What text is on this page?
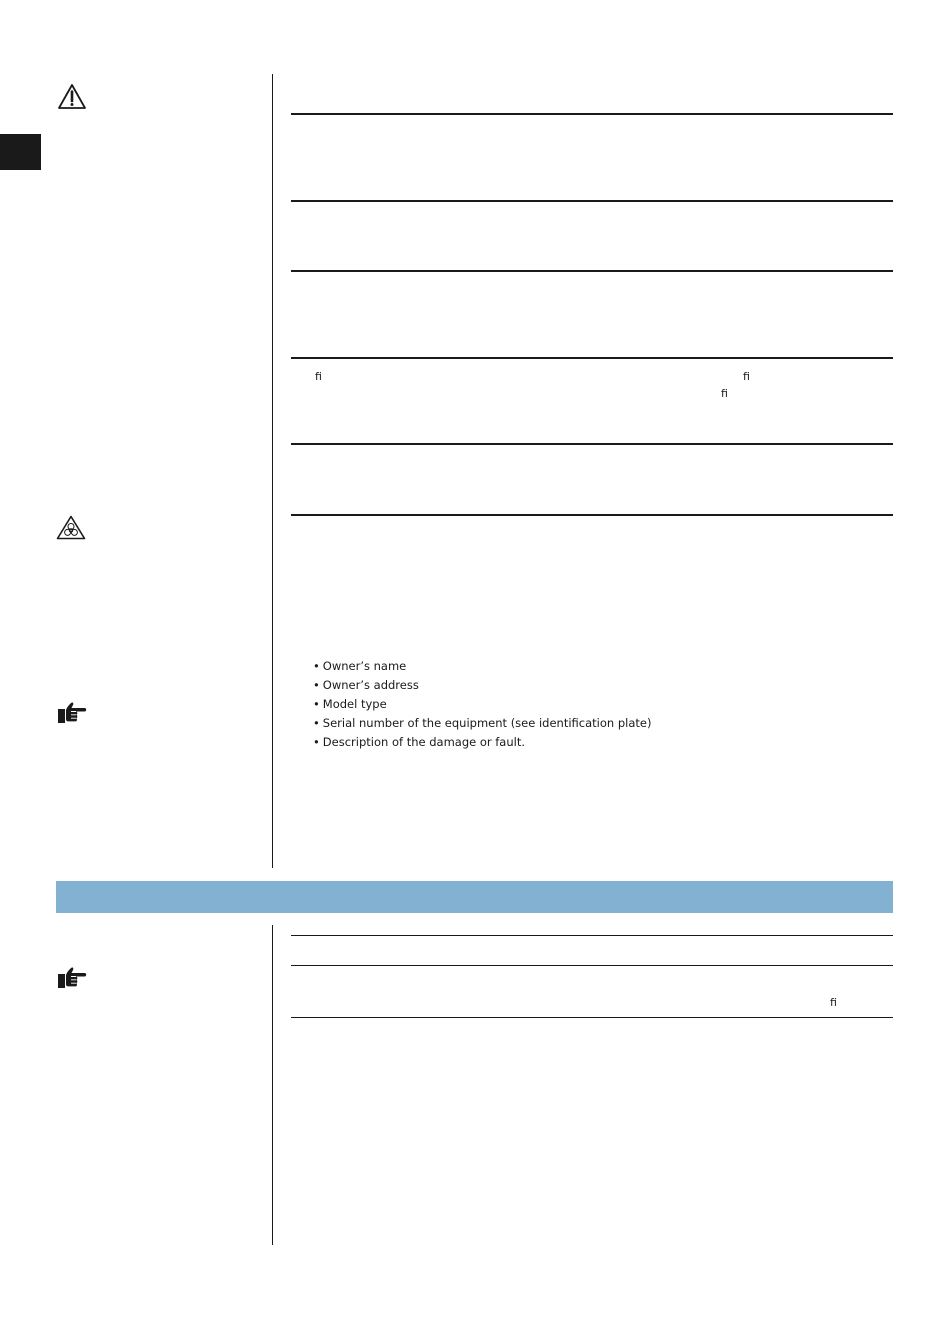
ﬁ	ﬁ
ﬁ
• Owner’s name
• Owner’s address
• Model type
• Serial number of the equipment (see identification plate)
• Description of the damage or fault.
ﬁ
